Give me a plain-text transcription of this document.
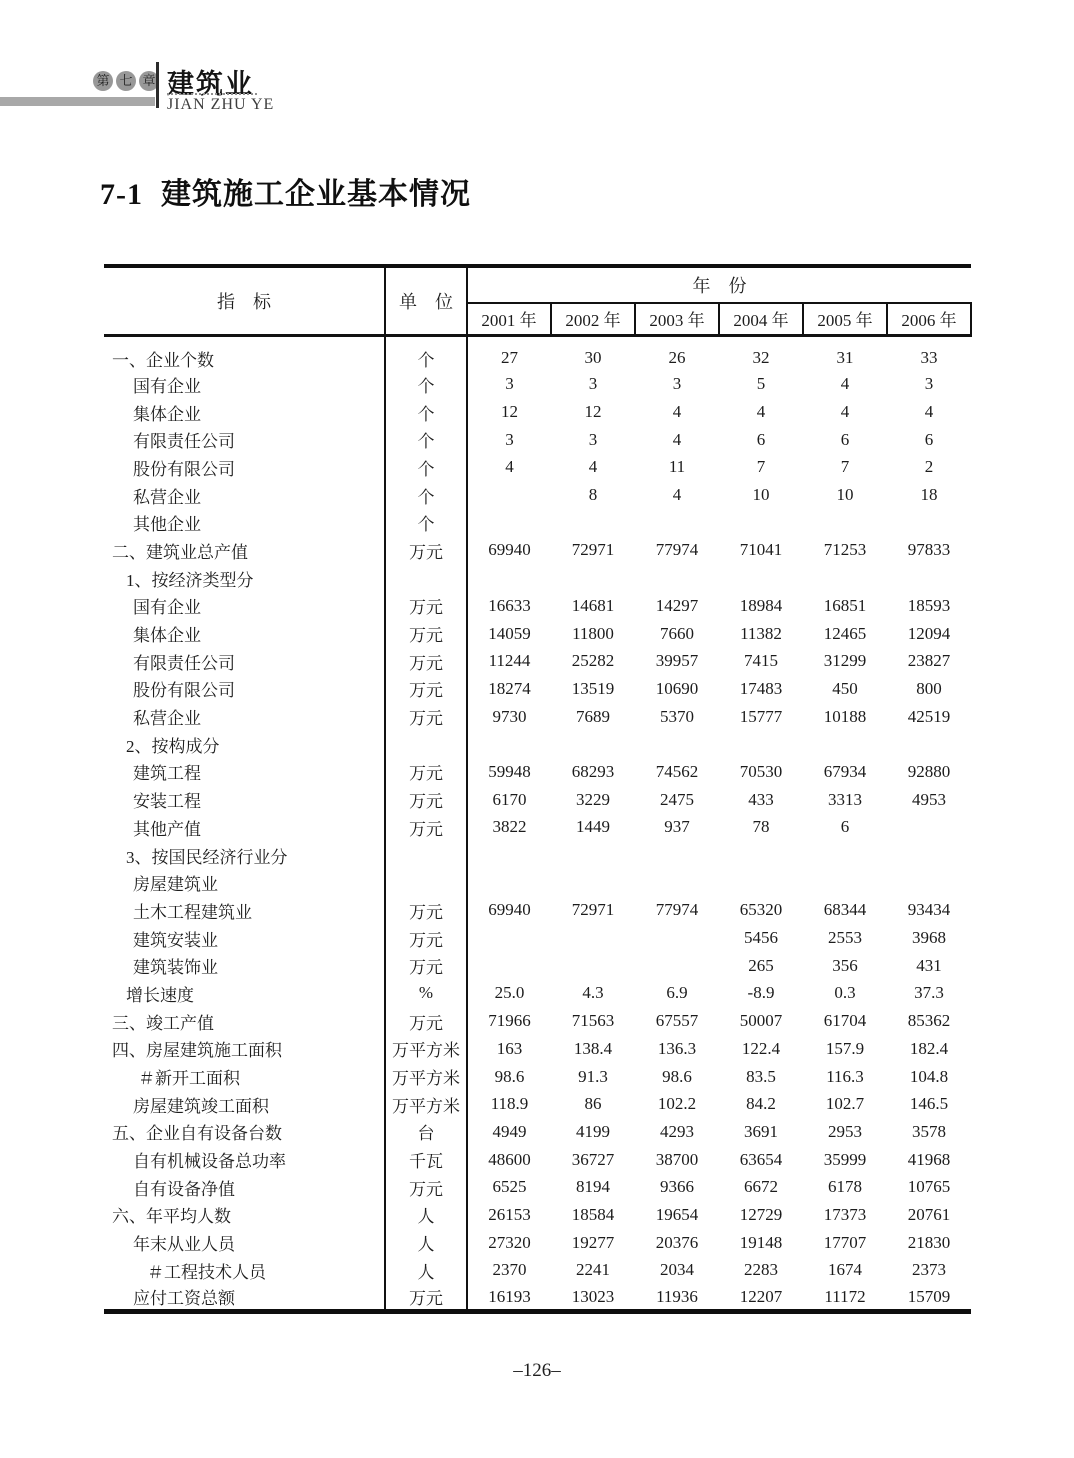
第 七 章 建筑业
JIAN ZHU YE
7-1 建筑施工企业基本情况
指　标	单　位	年　份					
		2001 年	2002 年	2003 年	2004 年	2005 年	2006 年
一、企业个数	个	27	30	26	32	31	33
国有企业	个	3	3	3	5	4	3
集体企业	个	12	12	4	4	4	4
有限责任公司	个	3	3	4	6	6	6
股份有限公司	个	4	4	11	7	7	2
私营企业	个		8	4	10	10	18
其他企业	个						
二、建筑业总产值	万元	69940	72971	77974	71041	71253	97833
1、按经济类型分							
国有企业	万元	16633	14681	14297	18984	16851	18593
集体企业	万元	14059	11800	7660	11382	12465	12094
有限责任公司	万元	11244	25282	39957	7415	31299	23827
股份有限公司	万元	18274	13519	10690	17483	450	800
私营企业	万元	9730	7689	5370	15777	10188	42519
2、按构成分							
建筑工程	万元	59948	68293	74562	70530	67934	92880
安装工程	万元	6170	3229	2475	433	3313	4953
其他产值	万元	3822	1449	937	78	6	
3、按国民经济行业分							
房屋建筑业							
土木工程建筑业	万元	69940	72971	77974	65320	68344	93434
建筑安装业	万元				5456	2553	3968
建筑装饰业	万元				265	356	431
增长速度	%	25.0	4.3	6.9	-8.9	0.3	37.3
三、竣工产值	万元	71966	71563	67557	50007	61704	85362
四、房屋建筑施工面积	万平方米	163	138.4	136.3	122.4	157.9	182.4
＃新开工面积	万平方米	98.6	91.3	98.6	83.5	116.3	104.8
房屋建筑竣工面积	万平方米	118.9	86	102.2	84.2	102.7	146.5
五、企业自有设备台数	台	4949	4199	4293	3691	2953	3578
自有机械设备总功率	千瓦	48600	36727	38700	63654	35999	41968
自有设备净值	万元	6525	8194	9366	6672	6178	10765
六、年平均人数	人	26153	18584	19654	12729	17373	20761
年末从业人员	人	27320	19277	20376	19148	17707	21830
＃工程技术人员	人	2370	2241	2034	2283	1674	2373
应付工资总额	万元	16193	13023	11936	12207	11172	15709
–126–
